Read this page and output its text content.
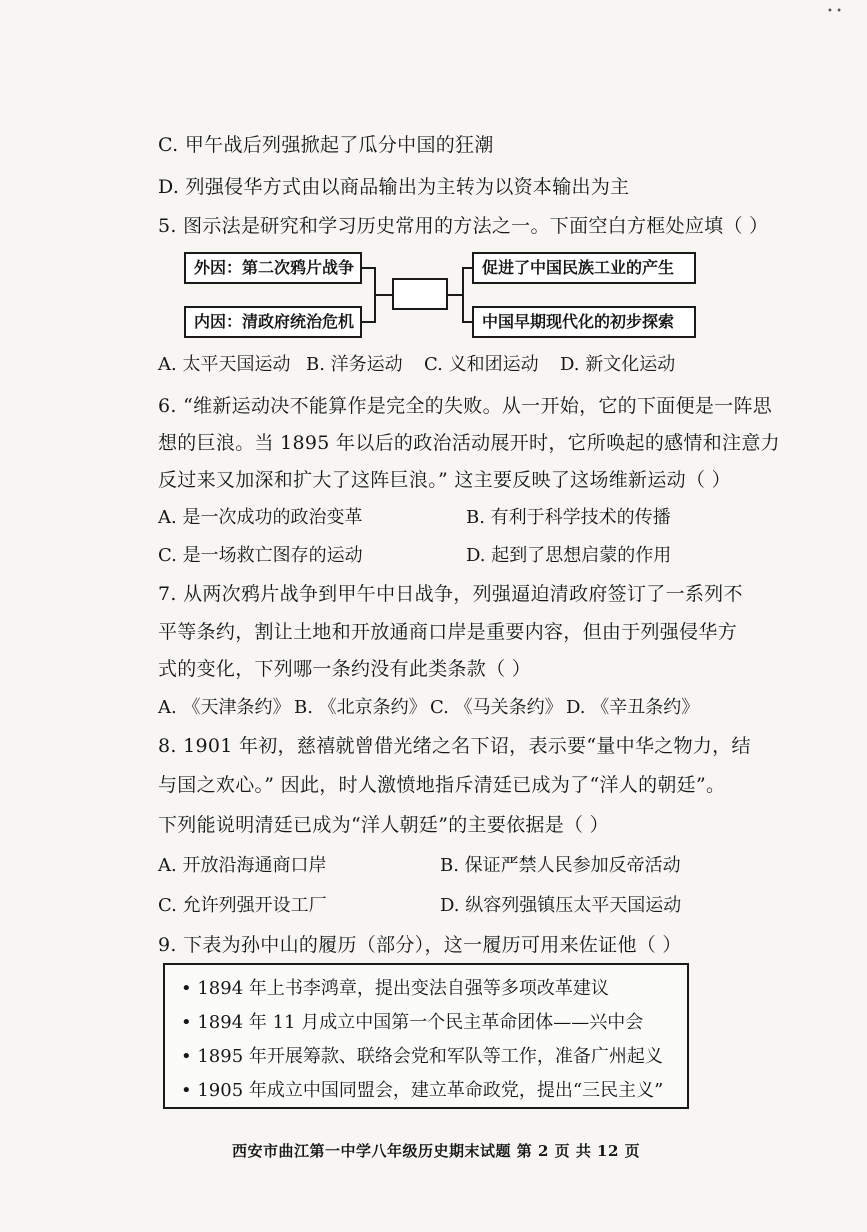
• •
C. 甲午战后列强掀起了瓜分中国的狂潮
D. 列强侵华方式由以商品输出为主转为以资本输出为主
5. 图示法是研究和学习历史常用的方法之一。下面空白方框处应填（ ）
外因：第二次鸦片战争
内因：清政府统治危机
促进了中国民族工业的产生
中国早期现代化的初步探索
A. 太平天国运动 B. 洋务运动 C. 义和团运动 D. 新文化运动
6. “维新运动决不能算作是完全的失败。从一开始，它的下面便是一阵思
想的巨浪。当 1895 年以后的政治活动展开时，它所唤起的感情和注意力
反过来又加深和扩大了这阵巨浪。” 这主要反映了这场维新运动（ ）
A. 是一次成功的政治变革	B. 有利于科学技术的传播
C. 是一场救亡图存的运动	D. 起到了思想启蒙的作用
7. 从两次鸦片战争到甲午中日战争，列强逼迫清政府签订了一系列不
平等条约，割让土地和开放通商口岸是重要内容，但由于列强侵华方
式的变化，下列哪一条约没有此类条款（ ）
A. 《天津条约》 B. 《北京条约》 C. 《马关条约》 D. 《辛丑条约》
8. 1901 年初，慈禧就曾借光绪之名下诏，表示要“量中华之物力，结
与国之欢心。” 因此，时人激愤地指斥清廷已成为了“洋人的朝廷”。
下列能说明清廷已成为“洋人朝廷”的主要依据是（ ）
A. 开放沿海通商口岸	B. 保证严禁人民参加反帝活动
C. 允许列强开设工厂	D. 纵容列强镇压太平天国运动
9. 下表为孙中山的履历（部分），这一履历可用来佐证他（ ）
• 1894 年上书李鸿章，提出变法自强等多项改革建议
• 1894 年 11 月成立中国第一个民主革命团体——兴中会
• 1895 年开展筹款、联络会党和军队等工作，准备广州起义
• 1905 年成立中国同盟会，建立革命政党，提出“三民主义”
西安市曲江第一中学八年级历史期末试题 第 2 页 共 12 页
